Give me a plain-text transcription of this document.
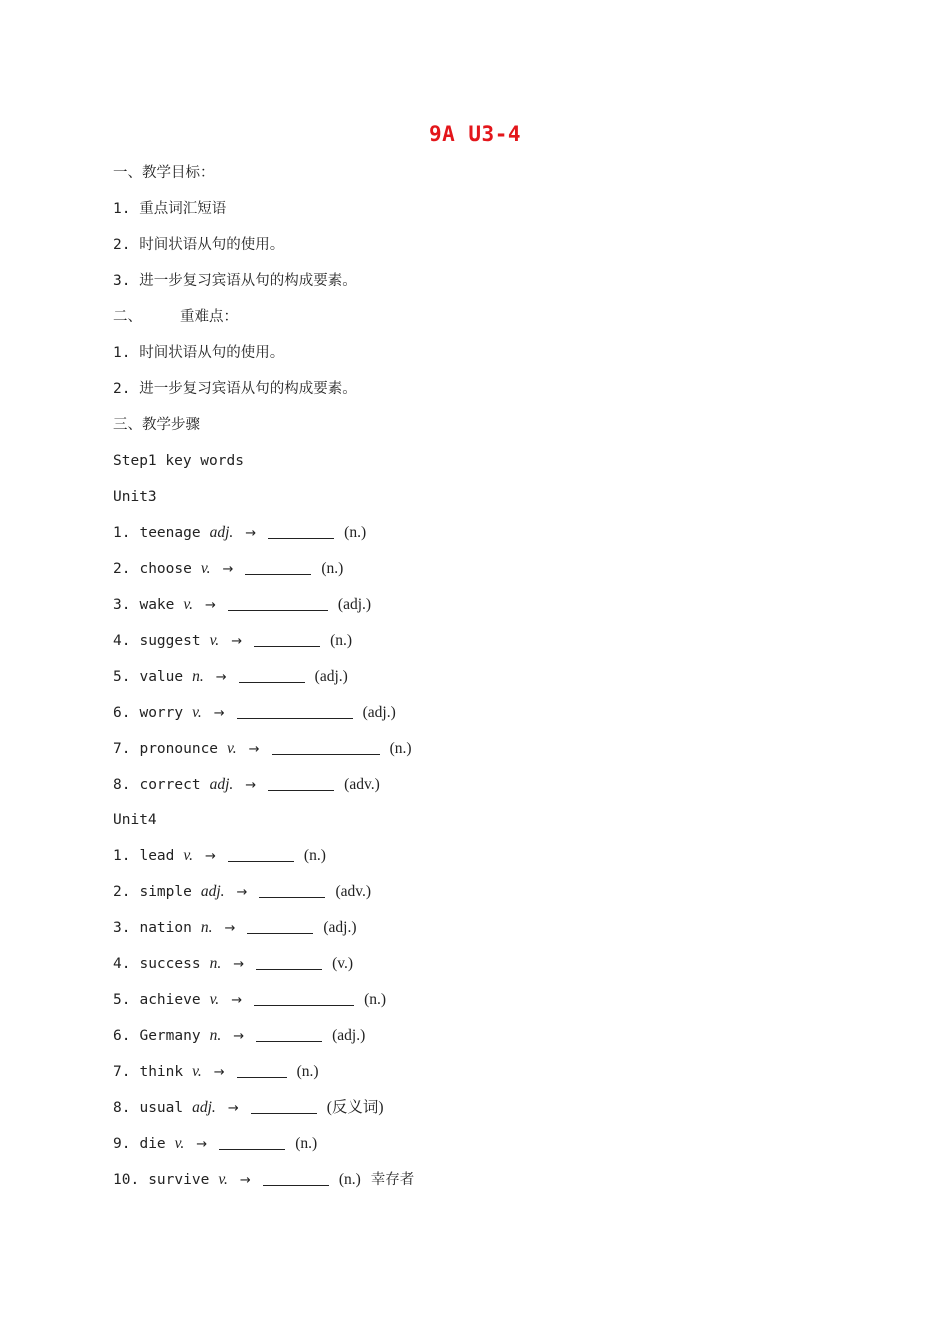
9A U3-4
一、教学目标：
1. 重点词汇短语
2. 时间状语从句的使用。
3. 进一步复习宾语从句的构成要素。
二、	重难点：
1. 时间状语从句的使用。
2. 进一步复习宾语从句的构成要素。
三、教学步骤
Step1 key words
Unit3
1. teenage adj. →	(n.)
2. choose v. →	(n.)
3. wake v. →	(adj.)
4. suggest v. →	(n.)
5. value n. →	(adj.)
6. worry v. →	(adj.)
7. pronounce v. →	(n.)
8. correct adj. →	(adv.)
Unit4
1. lead v. →	(n.)
2. simple adj. →	(adv.)
3. nation n. →	(adj.)
4. success n. →	(v.)
5. achieve v. →	(n.)
6. Germany n. →	(adj.)
7. think v. →	(n.)
8. usual adj. →	(反义词)
9. die v. →	(n.)
10. survive v. →	(n.) 幸存者
